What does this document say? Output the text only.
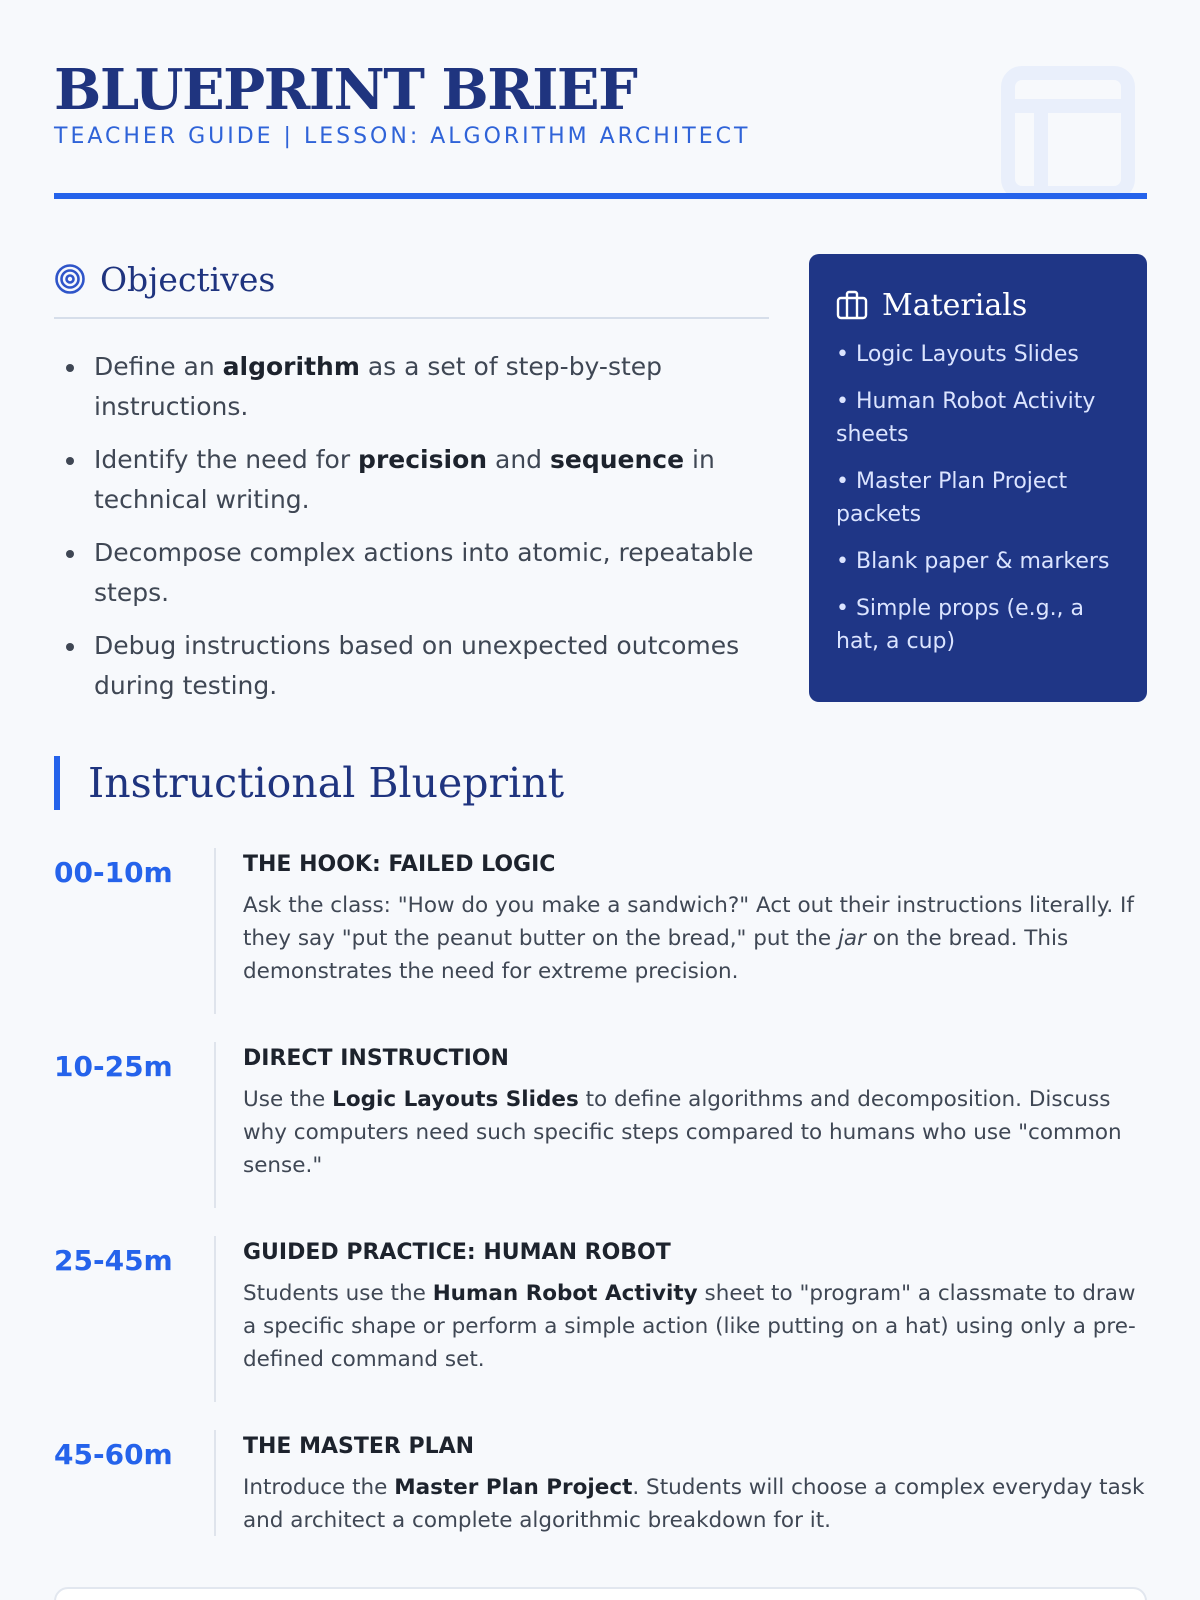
BLUEPRINT BRIEF
TEACHER GUIDE | LESSON: ALGORITHM ARCHITECT
Objectives
Define an algorithm as a set of step-by-step instructions.
Identify the need for precision and sequence in technical writing.
Decompose complex actions into atomic, repeatable steps.
Debug instructions based on unexpected outcomes during testing.
Materials
• Logic Layouts Slides
• Human Robot Activity sheets
• Master Plan Project packets
• Blank paper & markers
• Simple props (e.g., a hat, a cup)
Instructional Blueprint
00-10m	THE HOOK: FAILED LOGIC
Ask the class: "How do you make a sandwich?" Act out their instructions literally. If they say "put the peanut butter on the bread," put the jar on the bread. This demonstrates the need for extreme precision.
10-25m	DIRECT INSTRUCTION
Use the Logic Layouts Slides to define algorithms and decomposition. Discuss why computers need such specific steps compared to humans who use "common sense."
25-45m	GUIDED PRACTICE: HUMAN ROBOT
Students use the Human Robot Activity sheet to "program" a classmate to draw a specific shape or perform a simple action (like putting on a hat) using only a pre-defined command set.
45-60m	THE MASTER PLAN
Introduce the Master Plan Project. Students will choose a complex everyday task and architect a complete algorithmic breakdown for it.
